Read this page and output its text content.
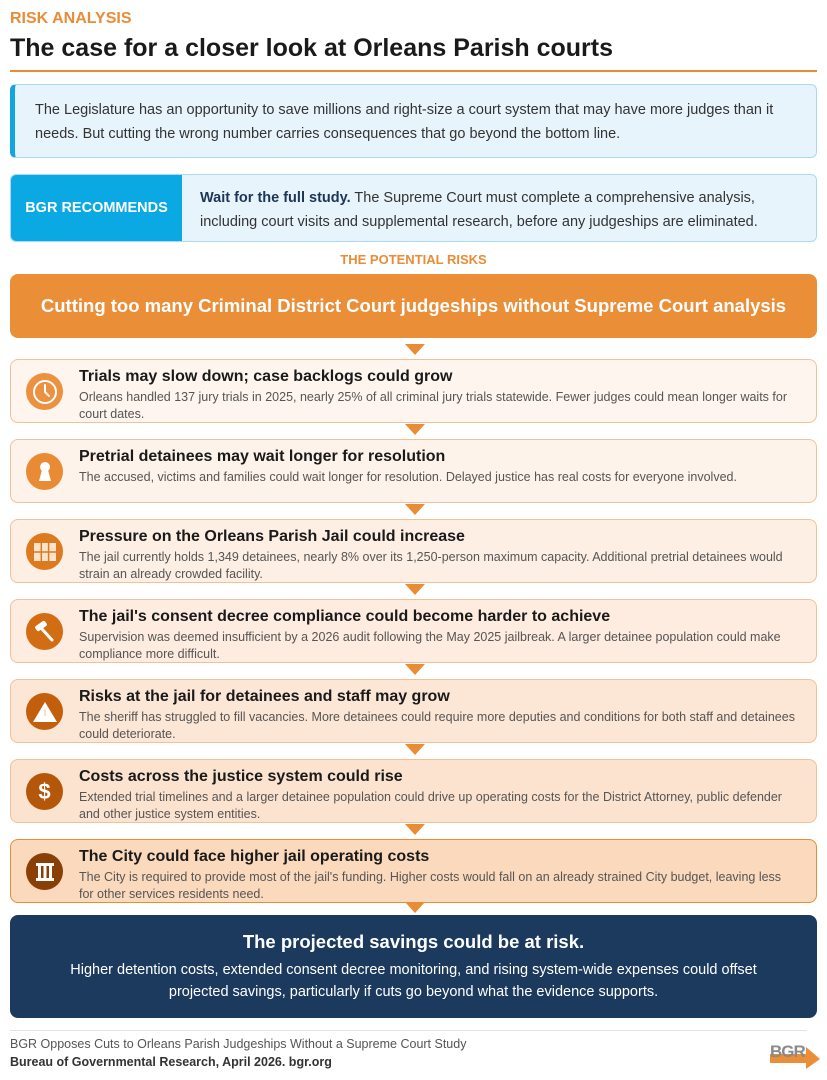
RISK ANALYSIS
The case for a closer look at Orleans Parish courts
The Legislature has an opportunity to save millions and right-size a court system that may have more judges than it needs. But cutting the wrong number carries consequences that go beyond the bottom line.
BGR RECOMMENDS
Wait for the full study. The Supreme Court must complete a comprehensive analysis, including court visits and supplemental research, before any judgeships are eliminated.
THE POTENTIAL RISKS
Cutting too many Criminal District Court judgeships without Supreme Court analysis
Trials may slow down; case backlogs could grow
Orleans handled 137 jury trials in 2025, nearly 25% of all criminal jury trials statewide. Fewer judges could mean longer waits for court dates.
Pretrial detainees may wait longer for resolution
The accused, victims and families could wait longer for resolution. Delayed justice has real costs for everyone involved.
Pressure on the Orleans Parish Jail could increase
The jail currently holds 1,349 detainees, nearly 8% over its 1,250-person maximum capacity. Additional pretrial detainees would strain an already crowded facility.
The jail's consent decree compliance could become harder to achieve
Supervision was deemed insufficient by a 2026 audit following the May 2025 jailbreak. A larger detainee population could make compliance more difficult.
Risks at the jail for detainees and staff may grow
The sheriff has struggled to fill vacancies. More detainees could require more deputies and conditions for both staff and detainees could deteriorate.
$
Costs across the justice system could rise
Extended trial timelines and a larger detainee population could drive up operating costs for the District Attorney, public defender and other justice system entities.
The City could face higher jail operating costs
The City is required to provide most of the jail's funding. Higher costs would fall on an already strained City budget, leaving less for other services residents need.
The projected savings could be at risk.
Higher detention costs, extended consent decree monitoring, and rising system-wide expenses could offset projected savings, particularly if cuts go beyond what the evidence supports.
BGR Opposes Cuts to Orleans Parish Judgeships Without a Supreme Court Study
Bureau of Governmental Research, April 2026. bgr.org
BGR
